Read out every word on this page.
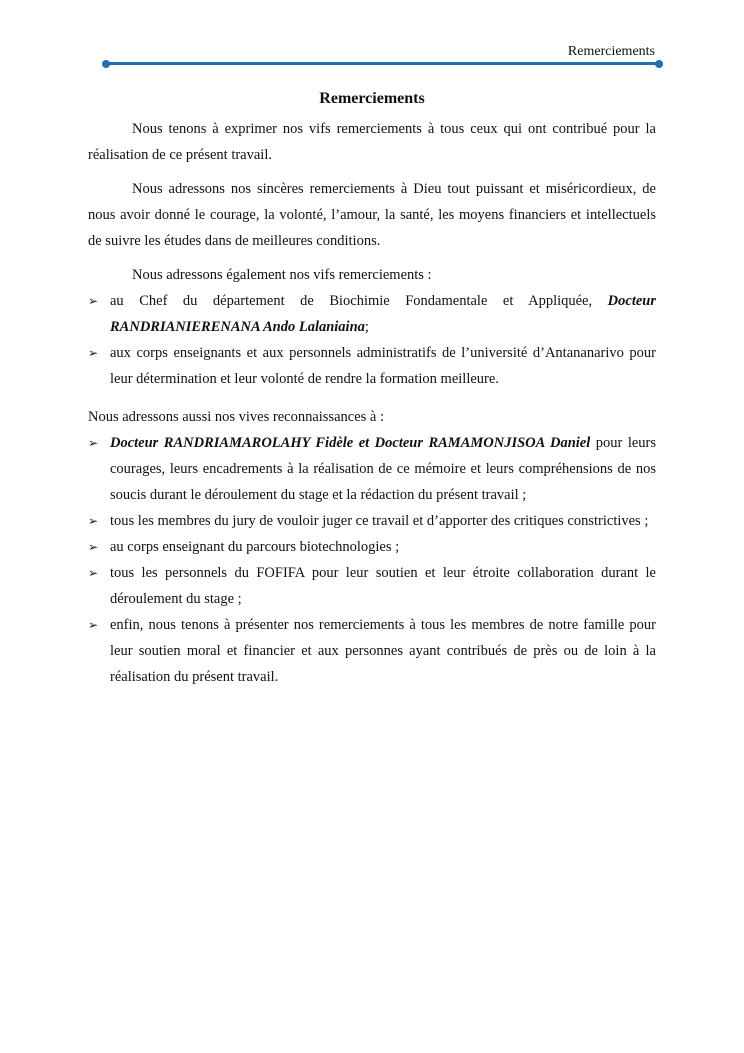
Remerciements
Remerciements

Nous tenons à exprimer nos vifs remerciements à tous ceux qui ont contribué pour la réalisation de ce présent travail.

Nous adressons nos sincères remerciements à Dieu tout puissant et miséricordieux, de nous avoir donné le courage, la volonté, l’amour, la santé, les moyens financiers et intellectuels de suivre les études dans de meilleures conditions.

Nous adressons également nos vifs remerciements :

➢ au Chef du département de Biochimie Fondamentale et Appliquée, Docteur RANDRIANIERENANA Ando Lalaniaina;
➢ aux corps enseignants et aux personnels administratifs de l’université d’Antananarivo pour leur détermination et leur volonté de rendre la formation meilleure.

Nous adressons aussi nos vives reconnaissances à :

➢ Docteur RANDRIAMAROLAHY Fidèle et Docteur RAMAMONJISOA Daniel pour leurs courages, leurs encadrements à la réalisation de ce mémoire et leurs compréhensions de nos soucis durant le déroulement du stage et la rédaction du présent travail ;
➢ tous les membres du jury de vouloir juger ce travail et d’apporter des critiques constrictives ;
➢ au corps enseignant du parcours biotechnologies ;
➢ tous les personnels du FOFIFA pour leur soutien et leur étroite collaboration durant le déroulement du stage ;
➢ enfin, nous tenons à présenter nos remerciements à tous les membres de notre famille pour leur soutien moral et financier et aux personnes ayant contribués de près ou de loin à la réalisation du présent travail.
